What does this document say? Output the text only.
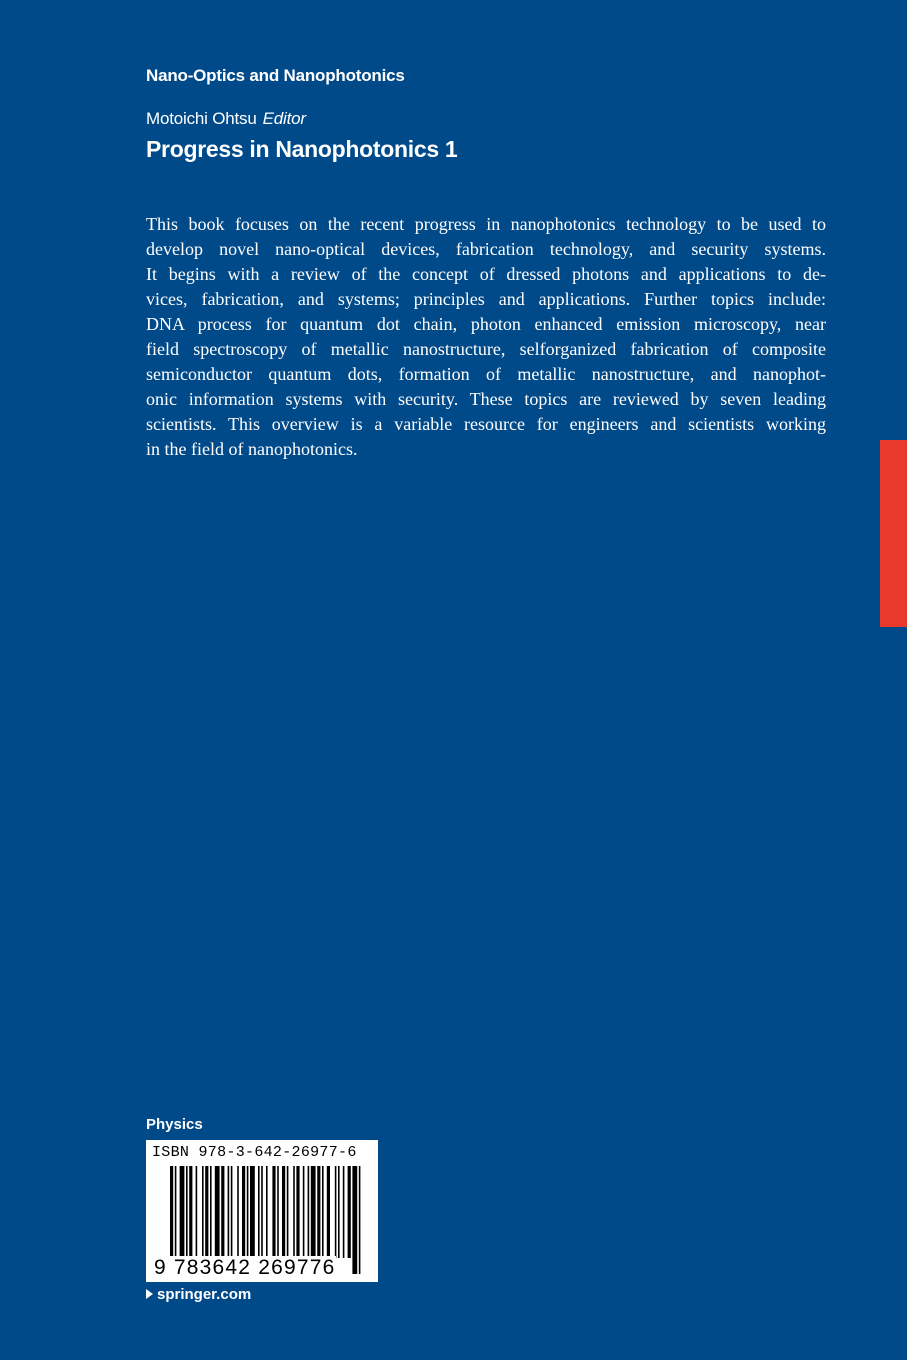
Nano-Optics and Nanophotonics
Motoichi Ohtsu Editor
Progress in Nanophotonics 1
This book focuses on the recent progress in nanophotonics technology to be used to
develop novel nano-optical devices, fabrication technology, and security systems.
It begins with a review of the concept of dressed photons and applications to de-
vices, fabrication, and systems; principles and applications. Further topics include:
DNA process for quantum dot chain, photon enhanced emission microscopy, near
field spectroscopy of metallic nanostructure, selforganized fabrication of composite
semiconductor quantum dots, formation of metallic nanostructure, and nanophot-
onic information systems with security. These topics are reviewed by seven leading
scientists. This overview is a variable resource for engineers and scientists working
in the field of nanophotonics.
Physics
ISBN 978-3-642-26977-6
9 783642 269776
springer.com
